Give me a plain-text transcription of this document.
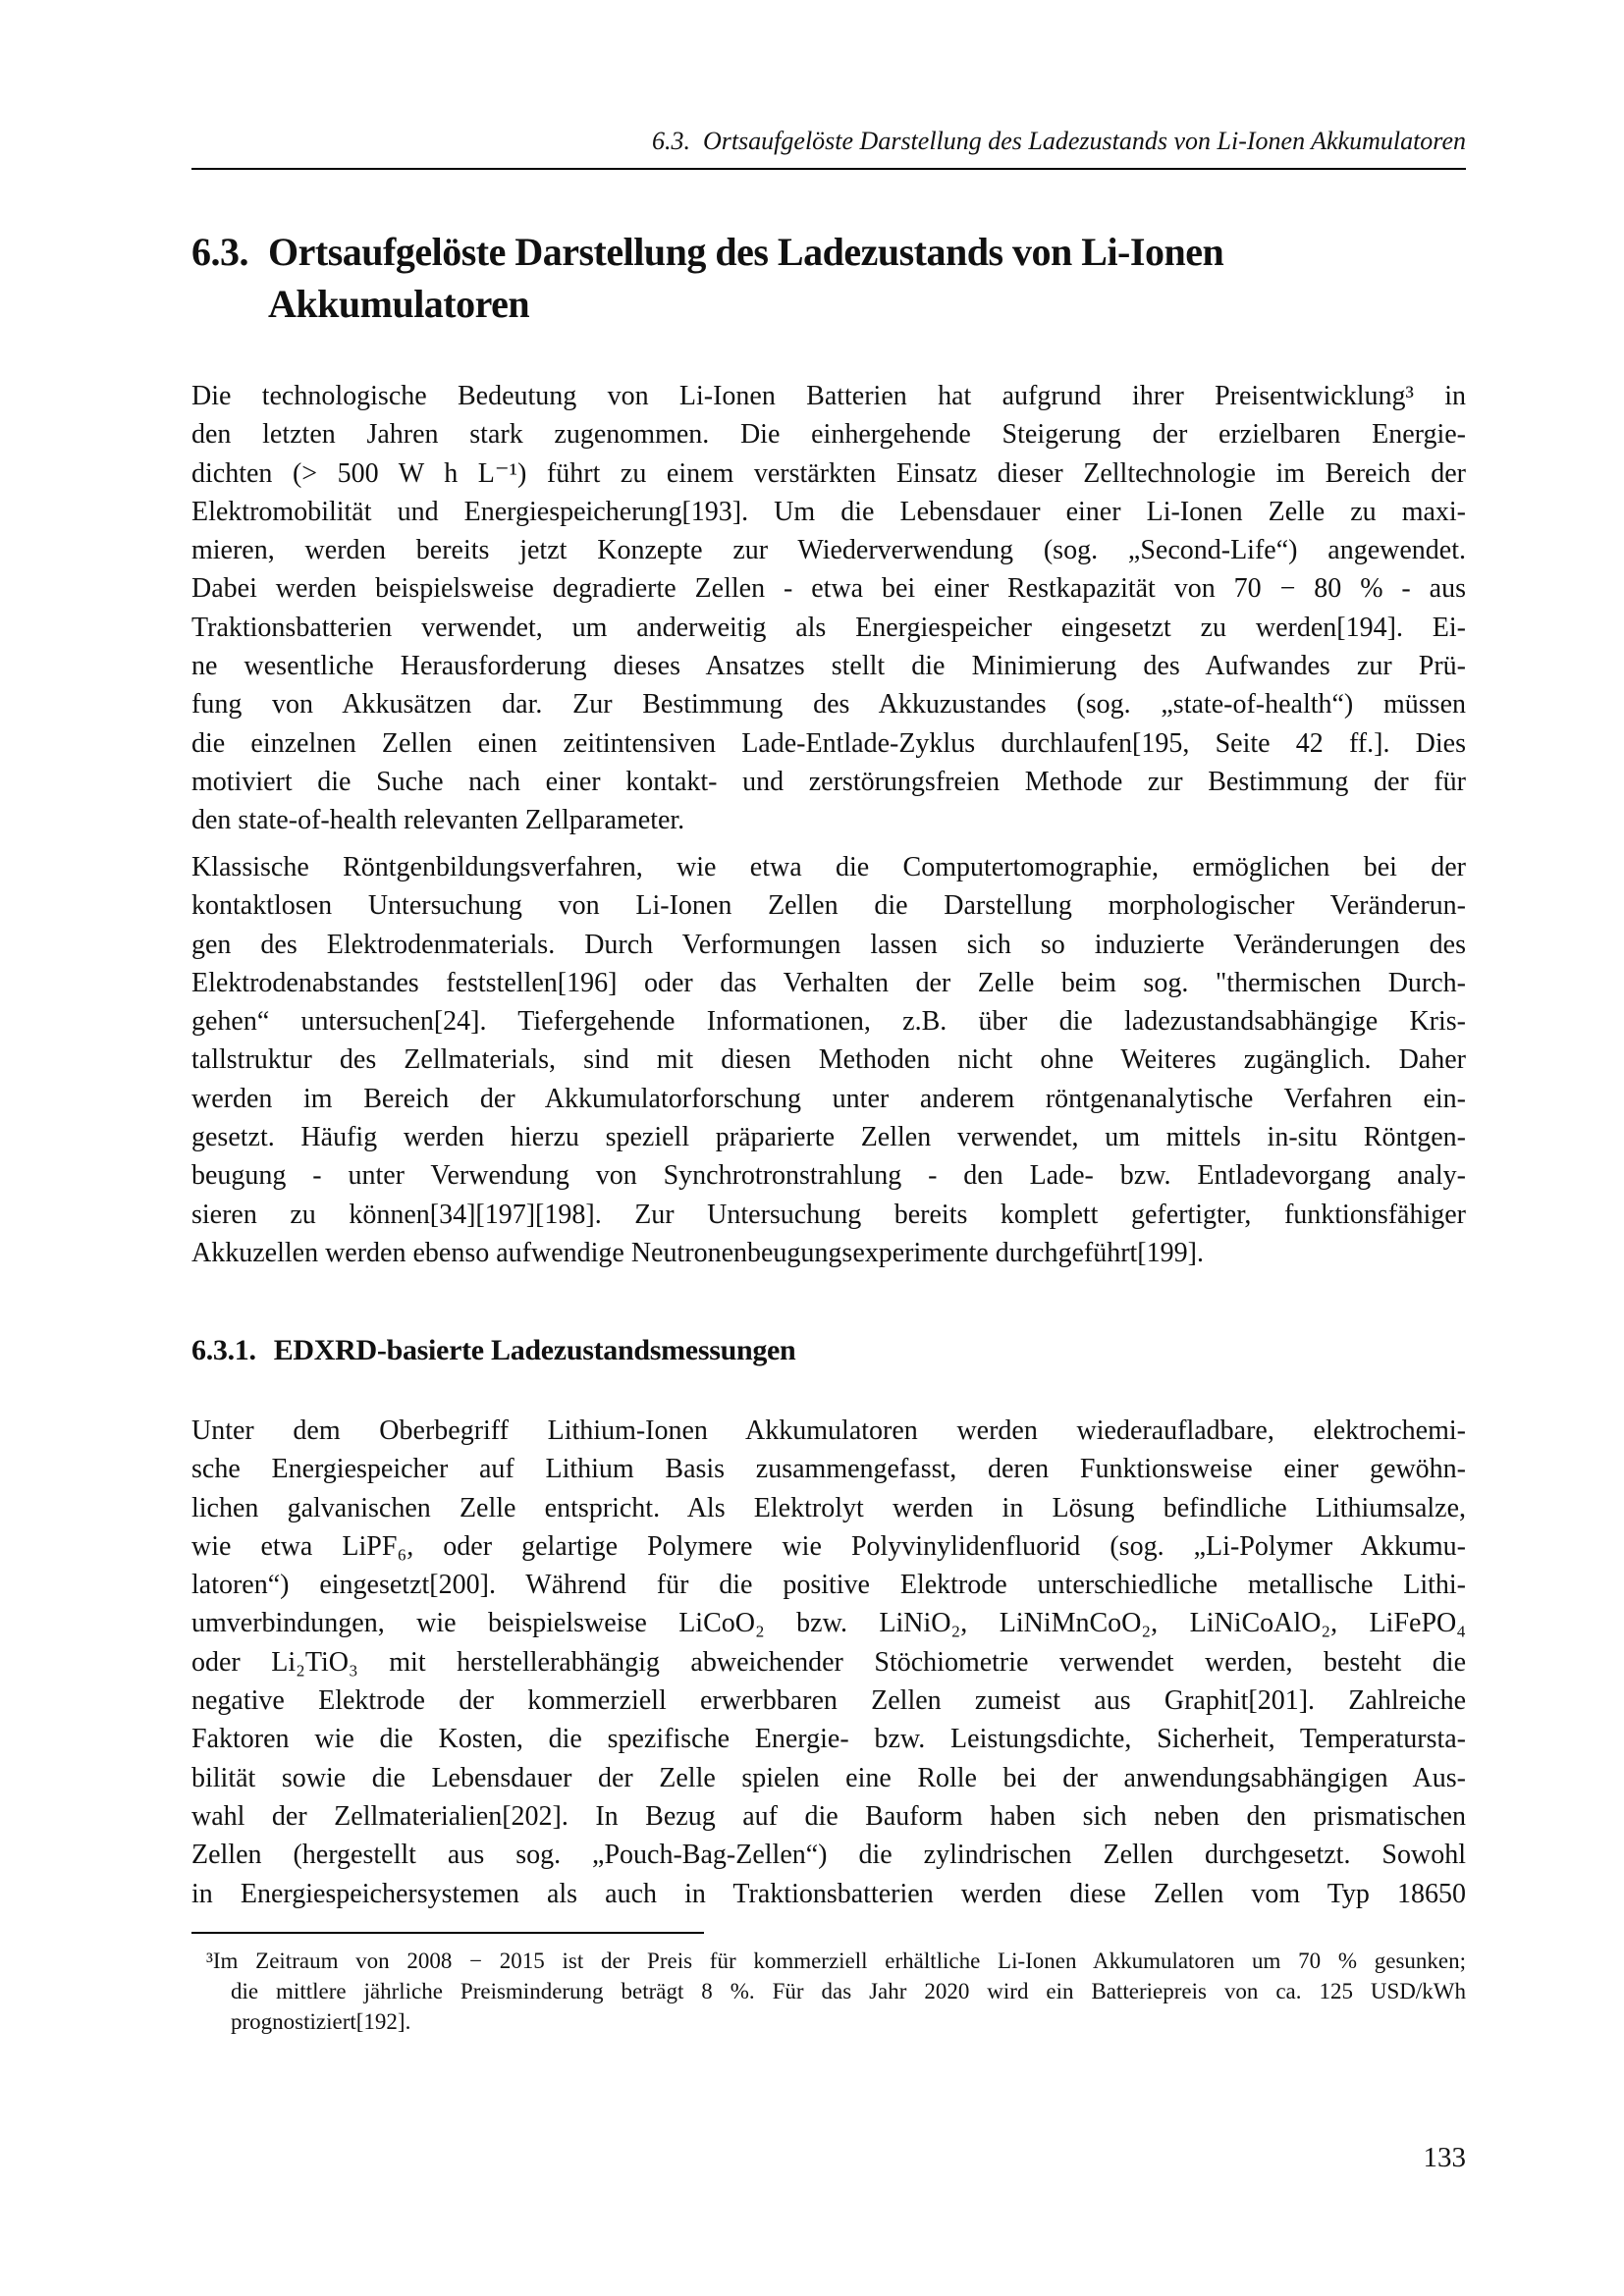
6.3. Ortsaufgelöste Darstellung des Ladezustands von Li-Ionen Akkumulatoren
6.3. Ortsaufgelöste Darstellung des Ladezustands von Li-Ionen
Akkumulatoren
Die technologische Bedeutung von Li-Ionen Batterien hat aufgrund ihrer Preisentwicklung³ in
den letzten Jahren stark zugenommen. Die einhergehende Steigerung der erzielbaren Energie-
dichten (> 500 W h L⁻¹) führt zu einem verstärkten Einsatz dieser Zelltechnologie im Bereich der
Elektromobilität und Energiespeicherung[193]. Um die Lebensdauer einer Li-Ionen Zelle zu maxi-
mieren, werden bereits jetzt Konzepte zur Wiederverwendung (sog. „Second-Life“) angewendet.
Dabei werden beispielsweise degradierte Zellen - etwa bei einer Restkapazität von 70 − 80 % - aus
Traktionsbatterien verwendet, um anderweitig als Energiespeicher eingesetzt zu werden[194]. Ei-
ne wesentliche Herausforderung dieses Ansatzes stellt die Minimierung des Aufwandes zur Prü-
fung von Akkusätzen dar. Zur Bestimmung des Akkuzustandes (sog. „state-of-health“) müssen
die einzelnen Zellen einen zeitintensiven Lade-Entlade-Zyklus durchlaufen[195, Seite 42 ff.]. Dies
motiviert die Suche nach einer kontakt- und zerstörungsfreien Methode zur Bestimmung der für
den state-of-health relevanten Zellparameter.
Klassische Röntgenbildungsverfahren, wie etwa die Computertomographie, ermöglichen bei der
kontaktlosen Untersuchung von Li-Ionen Zellen die Darstellung morphologischer Veränderun-
gen des Elektrodenmaterials. Durch Verformungen lassen sich so induzierte Veränderungen des
Elektrodenabstandes feststellen[196] oder das Verhalten der Zelle beim sog. "thermischen Durch-
gehen“ untersuchen[24]. Tiefergehende Informationen, z.B. über die ladezustandsabhängige Kris-
tallstruktur des Zellmaterials, sind mit diesen Methoden nicht ohne Weiteres zugänglich. Daher
werden im Bereich der Akkumulatorforschung unter anderem röntgenanalytische Verfahren ein-
gesetzt. Häufig werden hierzu speziell präparierte Zellen verwendet, um mittels in-situ Röntgen-
beugung - unter Verwendung von Synchrotronstrahlung - den Lade- bzw. Entladevorgang analy-
sieren zu können[34][197][198]. Zur Untersuchung bereits komplett gefertigter, funktionsfähiger
Akkuzellen werden ebenso aufwendige Neutronenbeugungsexperimente durchgeführt[199].
6.3.1. EDXRD-basierte Ladezustandsmessungen
Unter dem Oberbegriff Lithium-Ionen Akkumulatoren werden wiederaufladbare, elektrochemi-
sche Energiespeicher auf Lithium Basis zusammengefasst, deren Funktionsweise einer gewöhn-
lichen galvanischen Zelle entspricht. Als Elektrolyt werden in Lösung befindliche Lithiumsalze,
wie etwa LiPF₆, oder gelartige Polymere wie Polyvinylidenfluorid (sog. „Li-Polymer Akkumu-
latoren“) eingesetzt[200]. Während für die positive Elektrode unterschiedliche metallische Lithi-
umverbindungen, wie beispielsweise LiCoO₂ bzw. LiNiO₂, LiNiMnCoO₂, LiNiCoAlO₂, LiFePO₄
oder Li₂TiO₃ mit herstellerabhängig abweichender Stöchiometrie verwendet werden, besteht die
negative Elektrode der kommerziell erwerbbaren Zellen zumeist aus Graphit[201]. Zahlreiche
Faktoren wie die Kosten, die spezifische Energie- bzw. Leistungsdichte, Sicherheit, Temperatursta-
bilität sowie die Lebensdauer der Zelle spielen eine Rolle bei der anwendungsabhängigen Aus-
wahl der Zellmaterialien[202]. In Bezug auf die Bauform haben sich neben den prismatischen
Zellen (hergestellt aus sog. „Pouch-Bag-Zellen“) die zylindrischen Zellen durchgesetzt. Sowohl
in Energiespeichersystemen als auch in Traktionsbatterien werden diese Zellen vom Typ 18650
³Im Zeitraum von 2008 − 2015 ist der Preis für kommerziell erhältliche Li-Ionen Akkumulatoren um 70 % gesunken;
die mittlere jährliche Preisminderung beträgt 8 %. Für das Jahr 2020 wird ein Batteriepreis von ca. 125 USD/kWh
prognostiziert[192].
133
